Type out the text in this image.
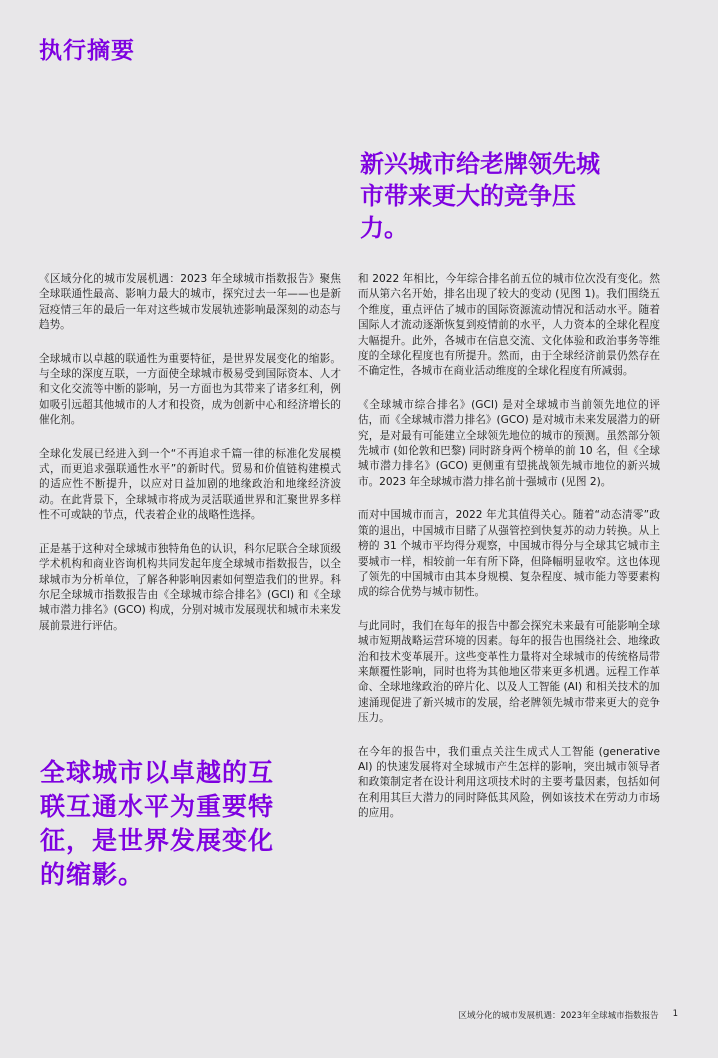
执行摘要

新兴城市给老牌领先城市带来更大的竞争压力。

《区域分化的城市发展机遇：2023 年全球城市指数报告》聚焦全球联通性最高、影响力最大的城市，探究过去一年——也是新冠疫情三年的最后一年对这些城市发展轨迹影响最深刻的动态与趋势。

全球城市以卓越的联通性为重要特征，是世界发展变化的缩影。与全球的深度互联，一方面使全球城市极易受到国际资本、人才和文化交流等中断的影响，另一方面也为其带来了诸多红利，例如吸引远超其他城市的人才和投资，成为创新中心和经济增长的催化剂。

全球化发展已经进入到一个“不再追求千篇一律的标准化发展模式，而更追求强联通性水平”的新时代。贸易和价值链构建模式的适应性不断提升，以应对日益加剧的地缘政治和地缘经济波动。在此背景下，全球城市将成为灵活联通世界和汇聚世界多样性不可或缺的节点，代表着企业的战略性选择。

正是基于这种对全球城市独特角色的认识，科尔尼联合全球顶级学术机构和商业咨询机构共同发起年度全球城市指数报告，以全球城市为分析单位，了解各种影响因素如何塑造我们的世界。科尔尼全球城市指数报告由《全球城市综合排名》(GCI) 和《全球城市潜力排名》(GCO) 构成，分别对城市发展现状和城市未来发展前景进行评估。

和 2022 年相比，今年综合排名前五位的城市位次没有变化。然而从第六名开始，排名出现了较大的变动 (见图 1)。我们围绕五个维度，重点评估了城市的国际资源流动情况和活动水平。随着国际人才流动逐渐恢复到疫情前的水平，人力资本的全球化程度大幅提升。此外，各城市在信息交流、文化体验和政治事务等维度的全球化程度也有所提升。然而，由于全球经济前景仍然存在不确定性，各城市在商业活动维度的全球化程度有所减弱。

《全球城市综合排名》(GCI) 是对全球城市当前领先地位的评估，而《全球城市潜力排名》(GCO) 是对城市未来发展潜力的研究，是对最有可能建立全球领先地位的城市的预测。虽然部分领先城市 (如伦敦和巴黎) 同时跻身两个榜单的前 10 名，但《全球城市潜力排名》(GCO) 更侧重有望挑战领先城市地位的新兴城市。2023 年全球城市潜力排名前十强城市 (见图 2)。

而对中国城市而言，2022 年尤其值得关心。随着“动态清零”政策的退出，中国城市目睹了从强管控到快复苏的动力转换。从上榜的 31 个城市平均得分观察，中国城市得分与全球其它城市主要城市一样，相较前一年有所下降，但降幅明显收窄。这也体现了领先的中国城市由其本身规模、复杂程度、城市能力等要素构成的综合优势与城市韧性。

与此同时，我们在每年的报告中都会探究未来最有可能影响全球城市短期战略运营环境的因素。每年的报告也围绕社会、地缘政治和技术变革展开。这些变革性力量将对全球城市的传统格局带来颠覆性影响，同时也将为其他地区带来更多机遇。远程工作革命、全球地缘政治的碎片化、以及人工智能 (AI) 和相关技术的加速涌现促进了新兴城市的发展，给老牌领先城市带来更大的竞争压力。

在今年的报告中，我们重点关注生成式人工智能 (generative AI) 的快速发展将对全球城市产生怎样的影响，突出城市领导者和政策制定者在设计利用这项技术时的主要考量因素，包括如何在利用其巨大潜力的同时降低其风险，例如该技术在劳动力市场的应用。

全球城市以卓越的互联互通水平为重要特征，是世界发展变化的缩影。

区域分化的城市发展机遇：2023年全球城市指数报告 1
